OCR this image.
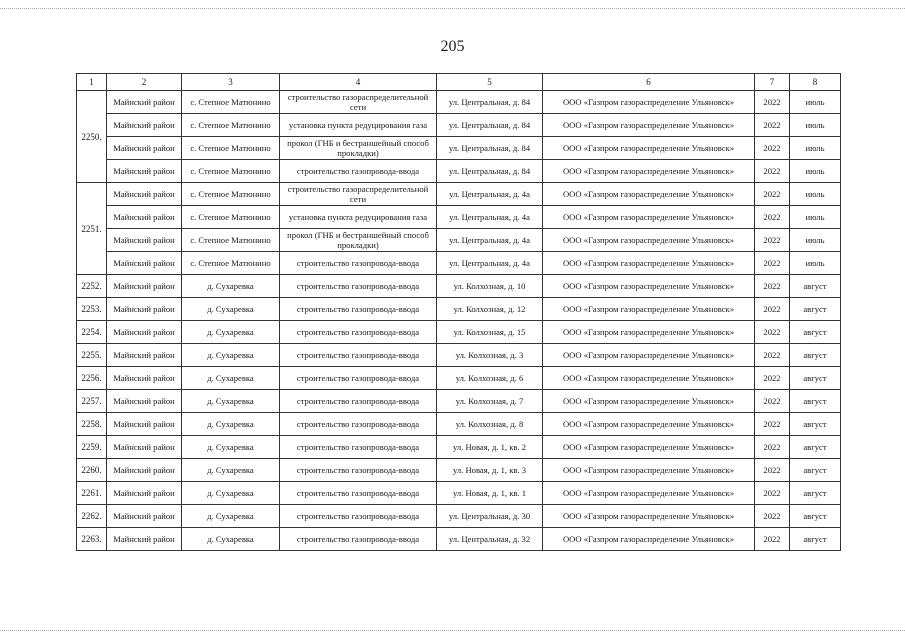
205
1	2	3	4	5	6	7	8
2250.	Майнский район	с. Степное Матюнино	строительство газораспределительной сети	ул. Центральная, д. 84	ООО «Газпром газораспределение Ульяновск»	2022	июль
	Майнский район	с. Степное Матюнино	установка пункта редуцирования газа	ул. Центральная, д. 84	ООО «Газпром газораспределение Ульяновск»	2022	июль
	Майнский район	с. Степное Матюнино	прокол (ГНБ и бестраншейный способ прокладки)	ул. Центральная, д. 84	ООО «Газпром газораспределение Ульяновск»	2022	июль
	Майнский район	с. Степное Матюнино	строительство газопровода-ввода	ул. Центральная, д. 84	ООО «Газпром газораспределение Ульяновск»	2022	июль
2251.	Майнский район	с. Степное Матюнино	строительство газораспределительной сети	ул. Центральная, д. 4а	ООО «Газпром газораспределение Ульяновск»	2022	июль
	Майнский район	с. Степное Матюнино	установка пункта редуцирования газа	ул. Центральная, д. 4а	ООО «Газпром газораспределение Ульяновск»	2022	июль
	Майнский район	с. Степное Матюнино	прокол (ГНБ и бестраншейный способ прокладки)	ул. Центральная, д. 4а	ООО «Газпром газораспределение Ульяновск»	2022	июль
	Майнский район	с. Степное Матюнино	строительство газопровода-ввода	ул. Центральная, д. 4а	ООО «Газпром газораспределение Ульяновск»	2022	июль
2252.	Майнский район	д. Сухаревка	строительство газопровода-ввода	ул. Колхозная, д. 10	ООО «Газпром газораспределение Ульяновск»	2022	август
2253.	Майнский район	д. Сухаревка	строительство газопровода-ввода	ул. Колхозная, д. 12	ООО «Газпром газораспределение Ульяновск»	2022	август
2254.	Майнский район	д. Сухаревка	строительство газопровода-ввода	ул. Колхозная, д. 15	ООО «Газпром газораспределение Ульяновск»	2022	август
2255.	Майнский район	д. Сухаревка	строительство газопровода-ввода	ул. Колхозная, д. 3	ООО «Газпром газораспределение Ульяновск»	2022	август
2256.	Майнский район	д. Сухаревка	строительство газопровода-ввода	ул. Колхозная, д. 6	ООО «Газпром газораспределение Ульяновск»	2022	август
2257.	Майнский район	д. Сухаревка	строительство газопровода-ввода	ул. Колхозная, д. 7	ООО «Газпром газораспределение Ульяновск»	2022	август
2258.	Майнский район	д. Сухаревка	строительство газопровода-ввода	ул. Колхозная, д. 8	ООО «Газпром газораспределение Ульяновск»	2022	август
2259.	Майнский район	д. Сухаревка	строительство газопровода-ввода	ул. Новая, д. 1, кв. 2	ООО «Газпром газораспределение Ульяновск»	2022	август
2260.	Майнский район	д. Сухаревка	строительство газопровода-ввода	ул. Новая, д. 1, кв. 3	ООО «Газпром газораспределение Ульяновск»	2022	август
2261.	Майнский район	д. Сухаревка	строительство газопровода-ввода	ул. Новая, д. 1, кв. 1	ООО «Газпром газораспределение Ульяновск»	2022	август
2262.	Майнский район	д. Сухаревка	строительство газопровода-ввода	ул. Центральная, д. 30	ООО «Газпром газораспределение Ульяновск»	2022	август
2263.	Майнский район	д. Сухаревка	строительство газопровода-ввода	ул. Центральная, д. 32	ООО «Газпром газораспределение Ульяновск»	2022	август
